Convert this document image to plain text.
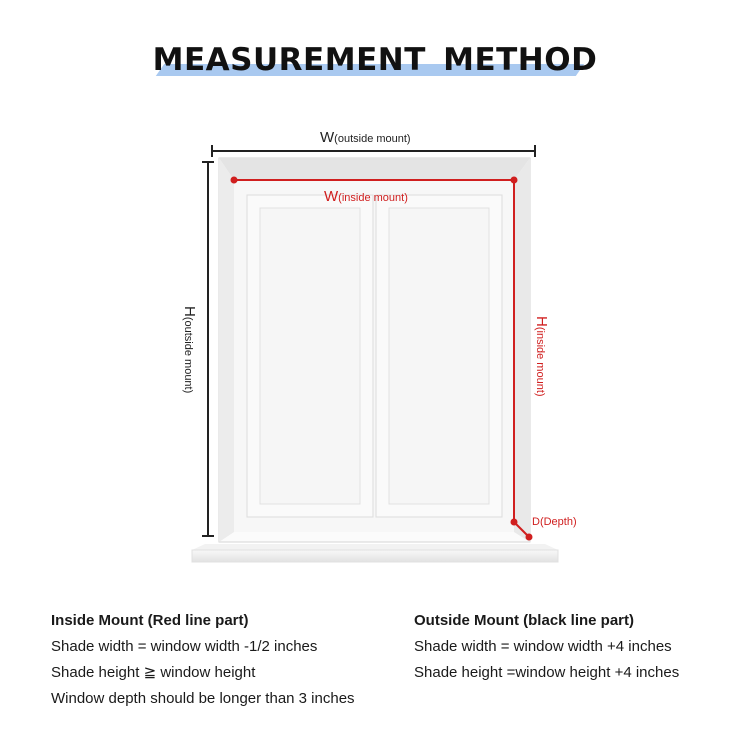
MEASUREMENT METHOD
W(outside mount)
W(inside mount)
H(outside mount)	H(inside mount)
D(Depth)
Inside Mount (Red line part)
Shade width = window width -1/2 inches
Shade height ≧ window height
Window depth should be longer than 3 inches
Outside Mount (black line part)
Shade width = window width +4 inches
Shade height =window height +4 inches
